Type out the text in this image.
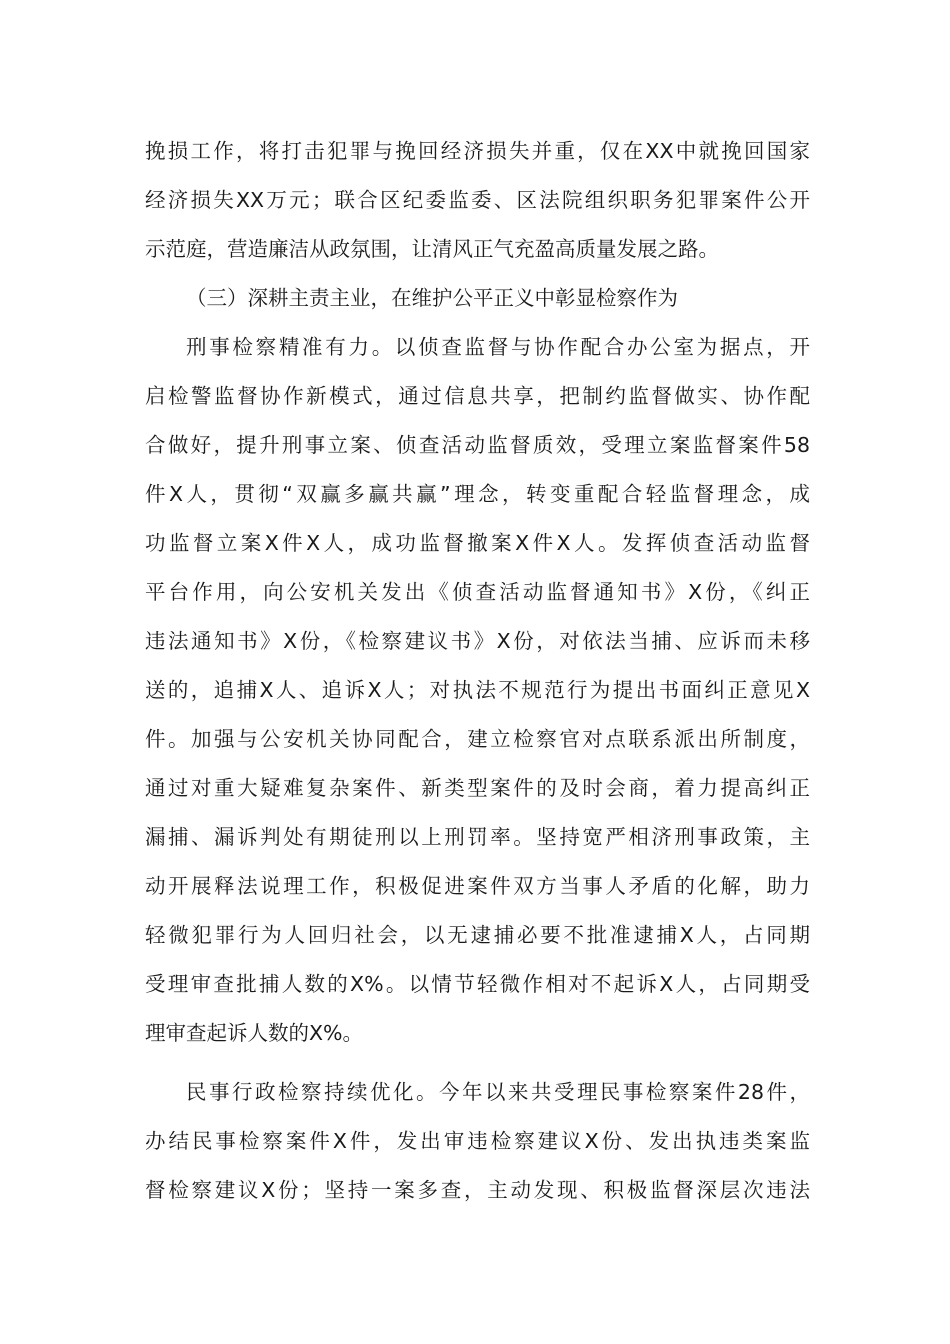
挽损工作，将打击犯罪与挽回经济损失并重，仅在XX中就挽回国家
经济损失XX万元；联合区纪委监委、区法院组织职务犯罪案件公开
示范庭，营造廉洁从政氛围，让清风正气充盈高质量发展之路。
（三）深耕主责主业，在维护公平正义中彰显检察作为
刑事检察精准有力。以侦查监督与协作配合办公室为据点，开
启检警监督协作新模式，通过信息共享，把制约监督做实、协作配
合做好，提升刑事立案、侦查活动监督质效，受理立案监督案件58
件X人，贯彻“双赢多赢共赢”理念，转变重配合轻监督理念，成
功监督立案X件X人，成功监督撤案X件X人。发挥侦查活动监督
平台作用，向公安机关发出《侦查活动监督通知书》X份，《纠正
违法通知书》X份，《检察建议书》X份，对依法当捕、应诉而未移
送的，追捕X人、追诉X人；对执法不规范行为提出书面纠正意见X
件。加强与公安机关协同配合，建立检察官对点联系派出所制度，
通过对重大疑难复杂案件、新类型案件的及时会商，着力提高纠正
漏捕、漏诉判处有期徒刑以上刑罚率。坚持宽严相济刑事政策，主
动开展释法说理工作，积极促进案件双方当事人矛盾的化解，助力
轻微犯罪行为人回归社会，以无逮捕必要不批准逮捕X人，占同期
受理审查批捕人数的X%。以情节轻微作相对不起诉X人，占同期受
理审查起诉人数的X%。
民事行政检察持续优化。今年以来共受理民事检察案件28件，
办结民事检察案件X件，发出审违检察建议X份、发出执违类案监
督检察建议X份；坚持一案多查，主动发现、积极监督深层次违法
